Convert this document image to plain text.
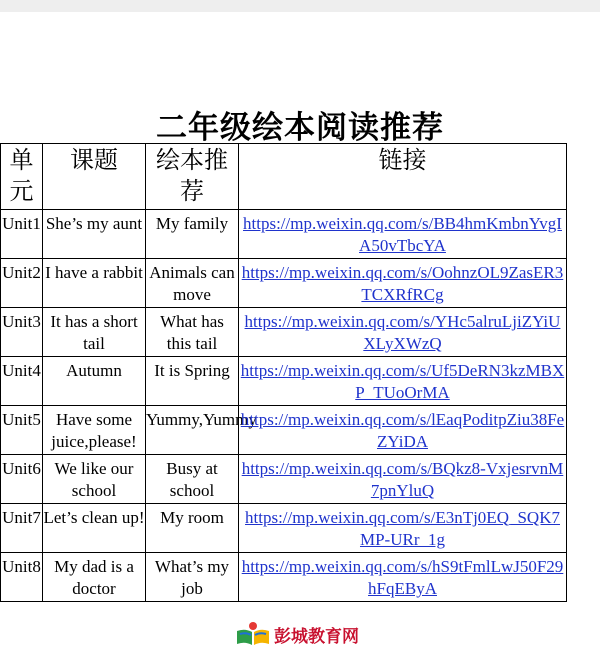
二年级绘本阅读推荐
单元	课题	绘本推荐	链接
Unit1	She’s my aunt	My family	https://mp.weixin.qq.com/s/BB4hmKmbnYvgIA50vTbcYA
Unit2	I have a rabbit	Animals can move	https://mp.weixin.qq.com/s/OohnzOL9ZasER3TCXRfRCg
Unit3	It has a short tail	What has this tail	https://mp.weixin.qq.com/s/YHc5alruLjiZYiUXLyXWzQ
Unit4	Autumn	It is Spring	https://mp.weixin.qq.com/s/Uf5DeRN3kzMBXP_TUoOrMA
Unit5	Have some juice,please!	Yummy,Yummy	https://mp.weixin.qq.com/s/lEaqPoditpZiu38FeZYiDA
Unit6	We like our school	Busy at school	https://mp.weixin.qq.com/s/BQkz8-VxjesrvnM7pnYluQ
Unit7	Let’s clean up!	My room	https://mp.weixin.qq.com/s/E3nTj0EQ_SQK7MP-URr_1g
Unit8	My dad is a doctor	What’s my job	https://mp.weixin.qq.com/s/hS9tFmlLwJ50F29hFqEByA
彭城教育网
